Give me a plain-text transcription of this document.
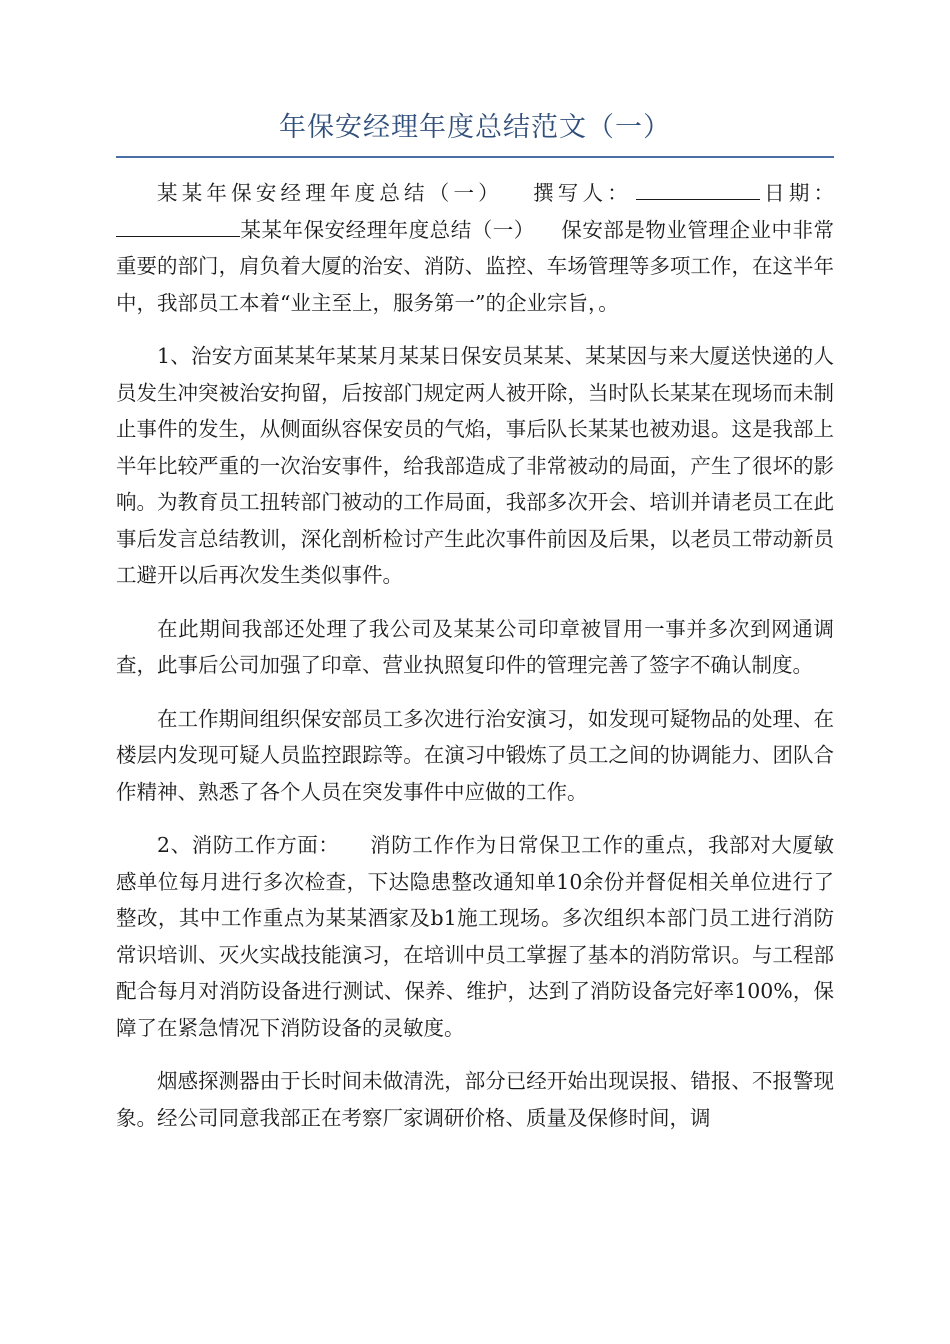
年保安经理年度总结范文（一）

某某年保安经理年度总结（一） 撰写人：	日期：某某年保安经理年度总结（一） 保安部是物业管理企业中非常重要的部门，肩负着大厦的治安、消防、监控、车场管理等多项工作，在这半年中，我部员工本着“业主至上，服务第一”的企业宗旨，。

1、治安方面某某年某某月某某日保安员某某、某某因与来大厦送快递的人员发生冲突被治安拘留，后按部门规定两人被开除，当时队长某某在现场而未制止事件的发生，从侧面纵容保安员的气焰，事后队长某某也被劝退。这是我部上半年比较严重的一次治安事件，给我部造成了非常被动的局面，产生了很坏的影响。为教育员工扭转部门被动的工作局面，我部多次开会、培训并请老员工在此事后发言总结教训，深化剖析检讨产生此次事件前因及后果，以老员工带动新员工避开以后再次发生类似事件。

在此期间我部还处理了我公司及某某公司印章被冒用一事并多次到网通调查，此事后公司加强了印章、营业执照复印件的管理完善了签字不确认制度。

在工作期间组织保安部员工多次进行治安演习，如发现可疑物品的处理、在楼层内发现可疑人员监控跟踪等。在演习中锻炼了员工之间的协调能力、团队合作精神、熟悉了各个人员在突发事件中应做的工作。

2、消防工作方面： 消防工作作为日常保卫工作的重点，我部对大厦敏感单位每月进行多次检查，下达隐患整改通知单10余份并督促相关单位进行了整改，其中工作重点为某某酒家及b1施工现场。多次组织本部门员工进行消防常识培训、灭火实战技能演习，在培训中员工掌握了基本的消防常识。与工程部配合每月对消防设备进行测试、保养、维护，达到了消防设备完好率100%，保障了在紧急情况下消防设备的灵敏度。

烟感探测器由于长时间未做清洗，部分已经开始出现误报、错报、不报警现象。经公司同意我部正在考察厂家调研价格、质量及保修时间，调
